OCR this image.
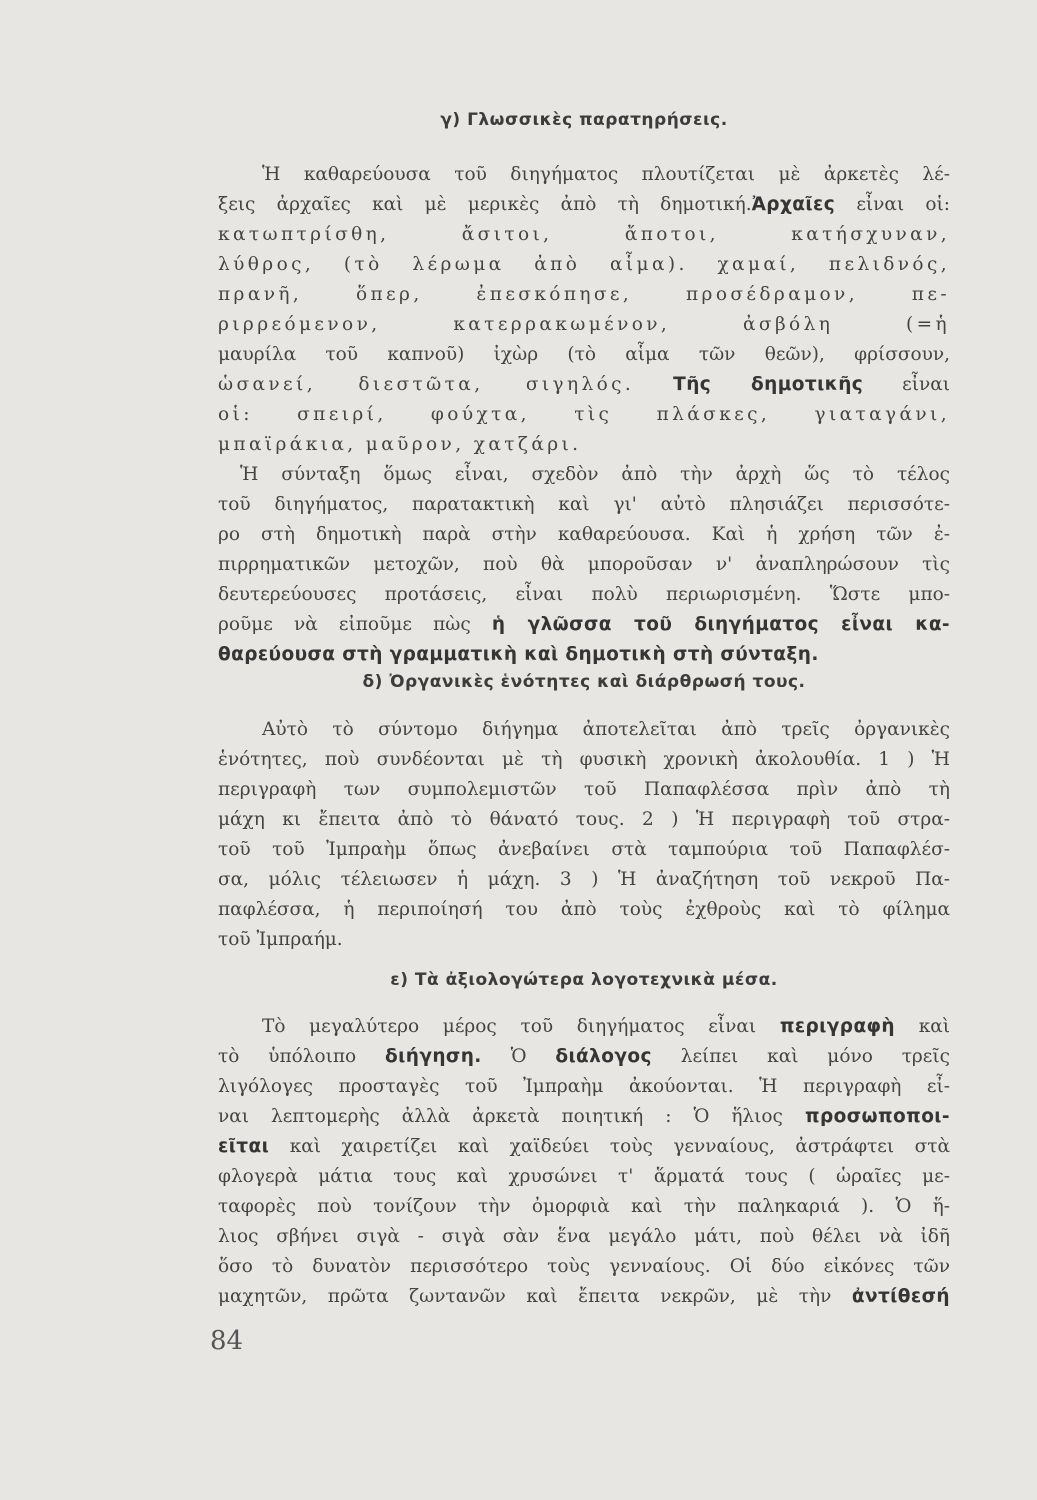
γ) Γλωσσικὲς παρατηρήσεις.
Ἡ καθαρεύουσα τοῦ διηγήματος πλουτίζεται μὲ ἀρκετὲς λέ-
ξεις ἀρχαῖες καὶ μὲ μερικὲς ἀπὸ τὴ δημοτική.Ἀρχαῖες εἶναι οἱ:
κατωπτρίσθη, ἄσιτοι, ἄποτοι, κατήσχυναν,
λύθρος, (τὸ λέρωμα ἀπὸ αἷμα). χαμαί, πελιδνός,
πρανῆ, ὅπερ, ἐπεσκόπησε, προσέδραμον, πε-
ριρρεόμενον, κατερρακωμένον, ἀσβόλη (=ἡ
μαυρίλα τοῦ καπνοῦ) ἰχὼρ (τὸ αἷμα τῶν θεῶν), φρίσσουν,
ὡσανεί, διεστῶτα, σιγηλός. Τῆς δημοτικῆς εἶναι
οἱ: σπειρί, φούχτα, τὶς πλάσκες, γιαταγάνι,
μπαϊράκια, μαῦρον, χατζάρι.
Ἡ σύνταξη ὅμως εἶναι, σχεδὸν ἀπὸ τὴν ἀρχὴ ὥς τὸ τέλος
τοῦ διηγήματος, παρατακτικὴ καὶ γι' αὐτὸ πλησιάζει περισσότε-
ρο στὴ δημοτικὴ παρὰ στὴν καθαρεύουσα. Καὶ ἡ χρήση τῶν ἐ-
πιρρηματικῶν μετοχῶν, ποὺ θὰ μποροῦσαν ν' ἀναπληρώσουν τὶς
δευτερεύουσες προτάσεις, εἶναι πολὺ περιωρισμένη. Ὥστε μπο-
ροῦμε νὰ εἰποῦμε πὼς ἡ γλῶσσα τοῦ διηγήματος εἶναι κα-
θαρεύουσα στὴ γραμματικὴ καὶ δημοτικὴ στὴ σύνταξη.
δ) Ὀργανικὲς ἑνότητες καὶ διάρθρωσή τους.
Αὐτὸ τὸ σύντομο διήγημα ἀποτελεῖται ἀπὸ τρεῖς ὀργανικὲς
ἑνότητες, ποὺ συνδέονται μὲ τὴ φυσικὴ χρονικὴ ἀκολουθία. 1 ) Ἡ
περιγραφὴ των συμπολεμιστῶν τοῦ Παπαφλέσσα πρὶν ἀπὸ τὴ
μάχη κι ἔπειτα ἀπὸ τὸ θάνατό τους. 2 ) Ἡ περιγραφὴ τοῦ στρα-
τοῦ τοῦ Ἰμπραὴμ ὅπως ἀνεβαίνει στὰ ταμπούρια τοῦ Παπαφλέσ-
σα, μόλις τέλειωσεν ἡ μάχη. 3 ) Ἡ ἀναζήτηση τοῦ νεκροῦ Πα-
παφλέσσα, ἡ περιποίησή του ἀπὸ τοὺς ἐχθροὺς καὶ τὸ φίλημα
τοῦ Ἰμπραήμ.
ε) Τὰ ἀξιολογώτερα λογοτεχνικὰ μέσα.
Τὸ μεγαλύτερο μέρος τοῦ διηγήματος εἶναι περιγραφὴ καὶ
τὸ ὑπόλοιπο διήγηση. Ὁ διάλογος λείπει καὶ μόνο τρεῖς
λιγόλογες προσταγὲς τοῦ Ἰμπραὴμ ἀκούονται. Ἡ περιγραφὴ εἶ-
ναι λεπτομερὴς ἀλλὰ ἀρκετὰ ποιητική : Ὁ ἥλιος προσωποποι-
εῖται καὶ χαιρετίζει καὶ χαϊδεύει τοὺς γενναίους, ἀστράφτει στὰ
φλογερὰ μάτια τους καὶ χρυσώνει τ' ἅρματά τους ( ὡραῖες με-
ταφορὲς ποὺ τονίζουν τὴν ὀμορφιὰ καὶ τὴν παληκαριά ). Ὁ ἥ-
λιος σβήνει σιγὰ - σιγὰ σὰν ἕνα μεγάλο μάτι, ποὺ θέλει νὰ ἰδῆ
ὅσο τὸ δυνατὸν περισσότερο τοὺς γενναίους. Οἱ δύο εἰκόνες τῶν
μαχητῶν, πρῶτα ζωντανῶν καὶ ἔπειτα νεκρῶν, μὲ τὴν ἀντίθεσή
84
